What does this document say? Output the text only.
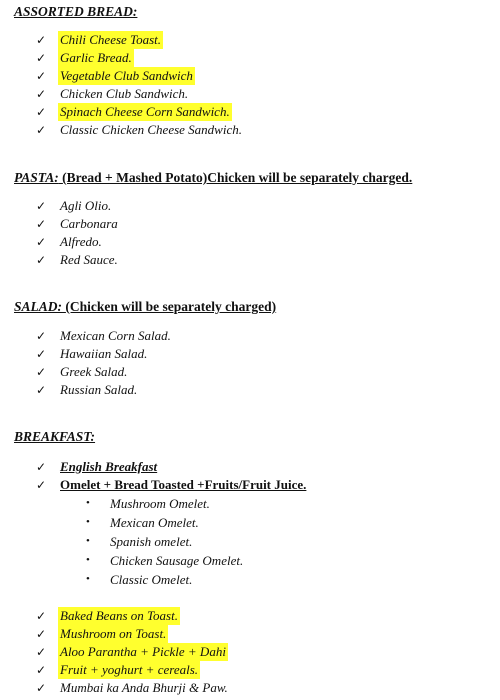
ASSORTED BREAD:
✓	Chili Cheese Toast.
✓	Garlic Bread.
✓	Vegetable Club Sandwich
✓	Chicken Club Sandwich.
✓	Spinach Cheese Corn Sandwich.
✓	Classic Chicken Cheese Sandwich.
PASTA: (Bread + Mashed Potato)Chicken will be separately charged.
✓	Agli Olio.
✓	Carbonara
✓	Alfredo.
✓	Red Sauce.
SALAD: (Chicken will be separately charged)
✓	Mexican Corn Salad.
✓	Hawaiian Salad.
✓	Greek Salad.
✓	Russian Salad.
BREAKFAST:
✓	English Breakfast
✓	Omelet + Bread Toasted +Fruits/Fruit Juice.
•	Mushroom Omelet.
•	Mexican Omelet.
•	Spanish omelet.
•	Chicken Sausage Omelet.
•	Classic Omelet.
✓	Baked Beans on Toast.
✓	Mushroom on Toast.
✓	Aloo Parantha + Pickle + Dahi
✓	Fruit + yoghurt + cereals.
✓	Mumbai ka Anda Bhurji & Paw.
